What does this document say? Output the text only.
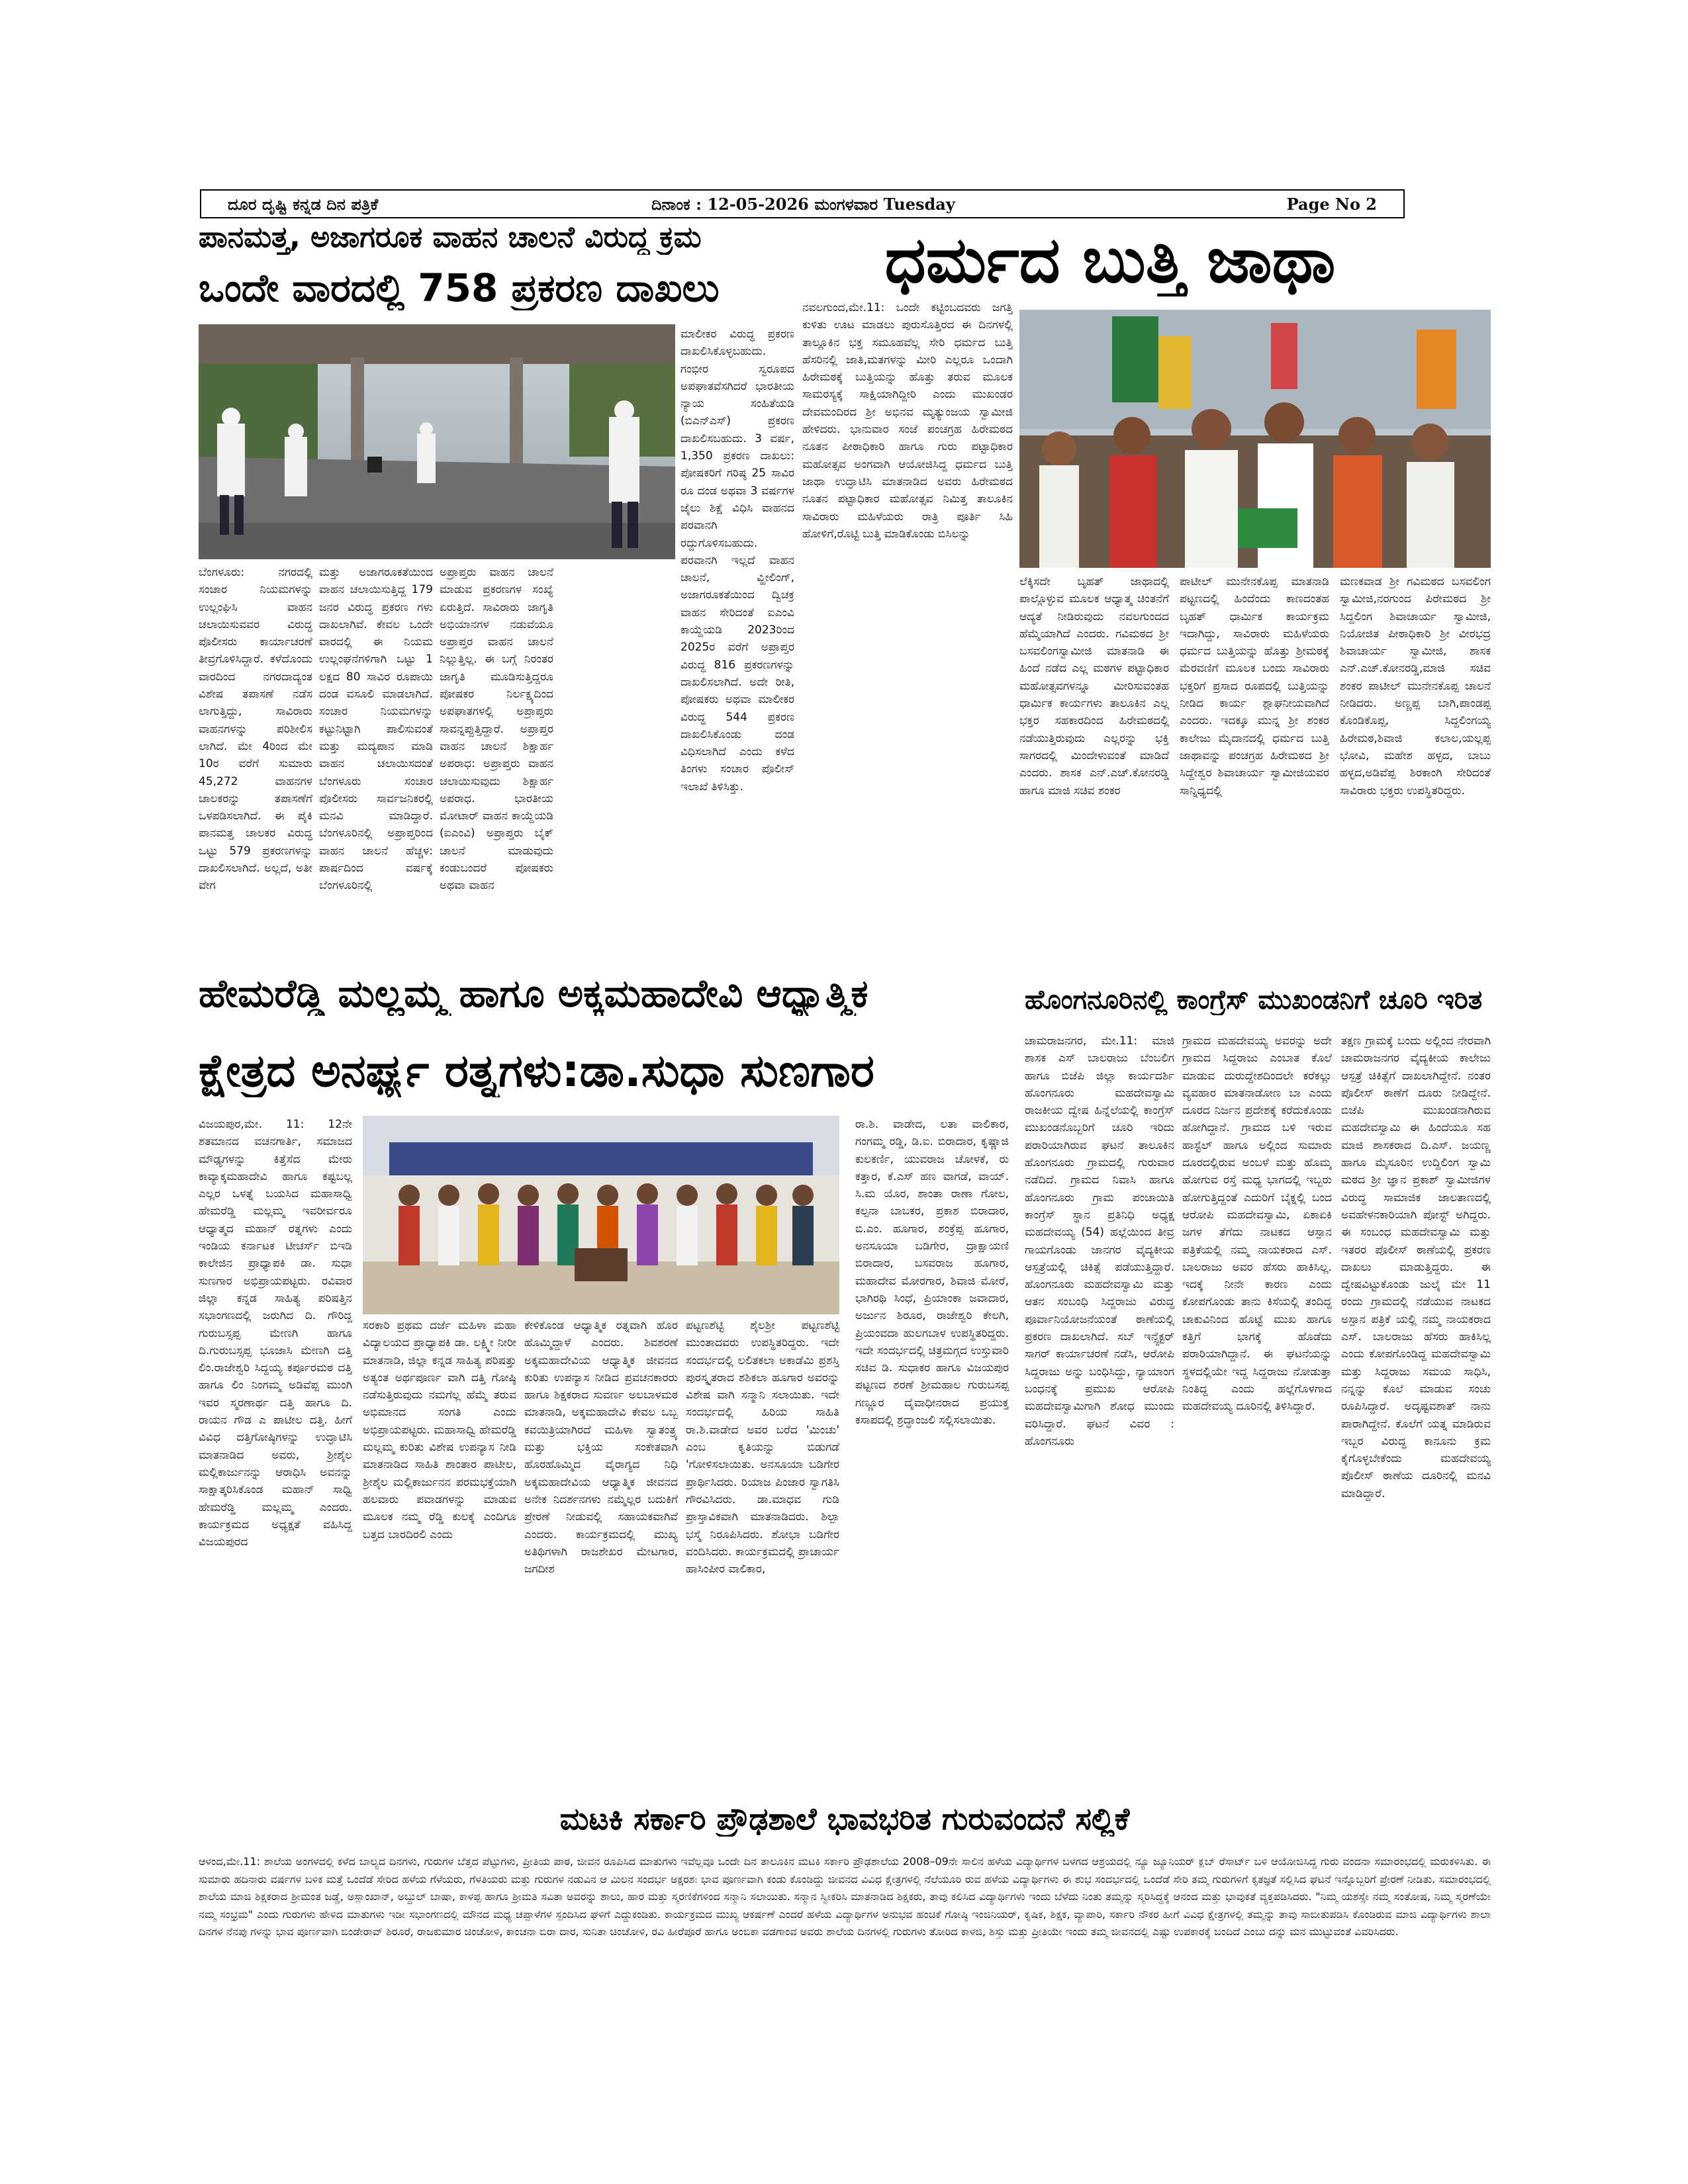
ದೂರ ದೃಷ್ಟಿ ಕನ್ನಡ ದಿನ ಪತ್ರಿಕೆ	ದಿನಾಂಕ : 12-05-2026 ಮಂಗಳವಾರ Tuesday	Page No 2
ಪಾನಮತ್ತ, ಅಜಾಗರೂಕ ವಾಹನ ಚಾಲನೆ ವಿರುದ್ಧ ಕ್ರಮ
ಒಂದೇ ವಾರದಲ್ಲಿ 758 ಪ್ರಕರಣ ದಾಖಲು

ಬೆಂಗಳೂರು: ನಗರದಲ್ಲಿ ಸಂಚಾರ ನಿಯಮಗಳನ್ನು ಉಲ್ಲಂಘಿಸಿ ವಾಹನ ಚಲಾಯಿಸುವವರ ವಿರುದ್ಧ ಪೊಲೀಸರು ಕಾರ್ಯಾಚರಣೆ ತೀವ್ರಗೊಳಿಸಿದ್ದಾರೆ. ಕಳೆದೊಂದು ವಾರದಿಂದ ನಗರದಾದ್ಯಂತ ವಿಶೇಷ ತಪಾಸಣೆ ನಡೆಸ ಲಾಗುತ್ತಿದ್ದು, ಸಾವಿರಾರು ವಾಹನಗಳನ್ನು ಪರಿಶೀಲಿಸ ಲಾಗಿದೆ. ಮೇ 4ರಿಂದ ಮೇ 10ರ ವರೆಗೆ ಸುಮಾರು 45,272 ವಾಹನಗಳ ಚಾಲಕರನ್ನು ತಪಾಸಣೆಗೆ ಒಳಪಡಿಸಲಾಗಿದೆ. ಈ ಪೈಕಿ ಪಾನಮತ್ತ ಚಾಲಕರ ವಿರುದ್ಧ ಒಟ್ಟು 579 ಪ್ರಕರಣಗಳನ್ನು ದಾಖಲಿಸಲಾಗಿದೆ. ಅಲ್ಲದೆ, ಅತೀ ವೇಗ

ಮತ್ತು ಅಜಾಗರೂಕತೆಯಿಂದ ವಾಹನ ಚಲಾಯಿಸುತ್ತಿದ್ದ 179 ಜನರ ವಿರುದ್ಧ ಪ್ರಕರಣ ಗಳು ದಾಖಲಾಗಿವೆ. ಕೇವಲ ಒಂದೇ ವಾರದಲ್ಲಿ ಈ ನಿಯಮ ಉಲ್ಲಂಘನೆಗಳಿಗಾಗಿ ಒಟ್ಟು 1 ಲಕ್ಷದ 80 ಸಾವಿರ ರೂಪಾಯಿ ದಂಡ ವಸೂಲಿ ಮಾಡಲಾಗಿದೆ. ಸಂಚಾರ ನಿಯಮಗಳನ್ನು ಕಟ್ಟುನಿಟ್ಟಾಗಿ ಪಾಲಿಸುವಂತೆ ಮತ್ತು ಮದ್ಯಪಾನ ಮಾಡಿ ವಾಹನ ಚಲಾಯಿಸದಂತೆ ಬೆಂಗಳೂರು ಸಂಚಾರ ಪೊಲೀಸರು ಸಾರ್ವಜನಿಕರಲ್ಲಿ ಮನವಿ ಮಾಡಿದ್ದಾರೆ. ಬೆಂಗಳೂರಿನಲ್ಲಿ ಅಪ್ರಾಪ್ತರಿಂದ ವಾಹನ ಚಾಲನೆ ಹೆಚ್ಚಳ: ಪಾರ್ಷದಿಂದ ವರ್ಷಕ್ಕೆ ಬೆಂಗಳೂರಿನಲ್ಲಿ

ಅಪ್ರಾಪ್ತರು ವಾಹನ ಚಾಲನೆ ಮಾಡುವ ಪ್ರಕರಣಗಳ ಸಂಖ್ಯೆ ಏರುತ್ತಿದೆ. ಸಾವಿರಾರು ಜಾಗೃತಿ ಅಭಿಯಾನಗಳ ನಡುವೆಯೂ ಅಪ್ರಾಪ್ತರ ವಾಹನ ಚಾಲನೆ ನಿಲ್ಲುತ್ತಿಲ್ಲ. ಈ ಬಗ್ಗೆ ನಿರಂತರ ಜಾಗೃತಿ ಮೂಡಿಸುತ್ತಿದ್ದರೂ ಪೋಷಕರ ನಿರ್ಲಕ್ಷ್ಯದಿಂದ ಅಪಘಾತಗಳಲ್ಲಿ ಅಪ್ರಾಪ್ತರು ಸಾವನ್ನಪ್ಪುತ್ತಿದ್ದಾರೆ. ಅಪ್ರಾಪ್ತರ ವಾಹನ ಚಾಲನೆ ಶಿಕ್ಷಾರ್ಹ ಅಪರಾಧ: ಅಪ್ರಾಪ್ತರು ವಾಹನ ಚಲಾಯಿಸುವುದು ಶಿಕ್ಷಾರ್ಹ ಅಪರಾಧ. ಭಾರತೀಯ ಮೋಟಾರ್ ವಾಹನ ಕಾಯ್ದೆಯಡಿ (ಐಎಂವಿ) ಅಪ್ರಾಪ್ತರು ಬೈಕ್ ಚಾಲನೆ ಮಾಡುವುದು ಕಂಡುಬಂದರೆ ಪೋಷಕರು ಅಥವಾ ವಾಹನ

ಮಾಲೀಕರ ವಿರುದ್ಧ ಪ್ರಕರಣ ದಾಖಲಿಸಿಕೊಳ್ಳಬಹುದು. ಗಂಭೀರ ಸ್ವರೂಪದ ಅಪಘಾತವೆಸಗಿದರೆ ಭಾರತೀಯ ನ್ಯಾಯ ಸಂಹಿತೆಯಡಿ (ಬಿಎನ್ಎಸ್) ಪ್ರಕರಣ ದಾಖಲಿಸಬಹುದು. 3 ವರ್ಷ, 1,350 ಪ್ರಕರಣ ದಾಖಲು: ಪೋಷಕರಿಗೆ ಗರಿಷ್ಠ 25 ಸಾವಿರ ರೂ ದಂಡ ಅಥವಾ 3 ವರ್ಷಗಳ ಜೈಲು ಶಿಕ್ಷೆ ವಿಧಿಸಿ ವಾಹನದ ಪರವಾನಗಿ ರದ್ದುಗೊಳಿಸಬಹುದು. ಪರವಾನಗಿ ಇಲ್ಲದೆ ವಾಹನ ಚಾಲನೆ, ವ್ಹೀಲಿಂಗ್, ಅಜಾಗರೂಕತೆಯಿಂದ ದ್ವಿಚಕ್ರ ವಾಹನ ಸೇರಿದಂತೆ ಐಎಂವಿ ಕಾಯ್ದೆಯಡಿ 2023ರಿಂದ 2025ರ ವರೆಗೆ ಅಪ್ರಾಪ್ತರ ವಿರುದ್ಧ 816 ಪ್ರಕರಣಗಳನ್ನು ದಾಖಲಿಸಲಾಗಿದೆ. ಅದೇ ರೀತಿ, ಪೋಷಕರು ಅಥವಾ ಮಾಲೀಕರ ವಿರುದ್ಧ 544 ಪ್ರಕರಣ ದಾಖಲಿಸಿಕೊಂಡು ದಂಡ ವಿಧಿಸಲಾಗಿದೆ ಎಂದು ಕಳೆದ ತಿಂಗಳು ಸಂಚಾರ ಪೊಲೀಸ್ ಇಲಾಖೆ ತಿಳಿಸಿತ್ತು.

ಧರ್ಮದ ಬುತ್ತಿ ಜಾಥಾ

ನವಲಗುಂದ,ಮೇ.11: ಒಂದೇ ಕಟ್ಟಿಂಬದವರು ಜಗತ್ತಿ ಕುಳಿತು ಊಟ ಮಾಡಲು ಪುರುಸೊತ್ತಿರದ ಈ ದಿನಗಳಲ್ಲಿ ತಾಲ್ಲೂಕಿನ ಭಕ್ತ ಸಮೂಹವೆಲ್ಲ ಸೇರಿ ಧರ್ಮದ ಬುತ್ತಿ ಹೆಸರಿನಲ್ಲಿ ಜಾತಿ,ಮತಗಳನ್ನು ಮೀರಿ ಎಲ್ಲರೂ ಒಂದಾಗಿ ಹಿರೇಮಠಕ್ಕೆ ಬುತ್ತಿಯನ್ನು ಹೊತ್ತು ತರುವ ಮೂಲಕ ಸಾಮರಸ್ಯಕ್ಕೆ ಸಾಕ್ಷಿಯಾಗಿದ್ದೀರಿ ಎಂದು ಮುಖಂಡರ ದೇವಮಂದಿರದ ಶ್ರೀ ಅಭಿನವ ಮೃತ್ಯುಂಜಯ ಸ್ವಾಮೀಜಿ ಹೇಳಿದರು. ಭಾನುವಾರ ಸಂಜೆ ಪಂಚಗ್ರಹ ಹಿರೇಮಠದ ನೂತನ ಪೀಠಾಧಿಕಾರಿ ಹಾಗೂ ಗುರು ಪಟ್ಟಾಧಿಕಾರ ಮಹೋತ್ಸವ ಅಂಗವಾಗಿ ಆಯೋಜಿಸಿದ್ದ ಧರ್ಮದ ಬುತ್ತಿ ಜಾಥಾ ಉದ್ಘಾಟಿಸಿ ಮಾತನಾಡಿದ ಅವರು ಹಿರೇಮಠದ ನೂತನ ಪಟ್ಟಾಧಿಕಾರ ಮಹೋತ್ಸವ ನಿಮಿತ್ತ ತಾಲೂಕಿನ ಸಾವಿರಾರು ಮಹಿಳೆಯರು ರಾತ್ರಿ ಪೂರ್ತಿ ಸಿಹಿ ಹೋಳಿಗೆ,ರೊಟ್ಟಿ ಬುತ್ತಿ ಮಾಡಿಕೊಂಡು ಬಿಸಿಲನ್ನು

ಲೆಕ್ಕಿಸದೇ ಬೃಹತ್ ಜಾಥಾದಲ್ಲಿ ಪಾಲ್ಗೊಳ್ಳುವ ಮೂಲಕ ಆಧ್ಯಾತ್ಮ ಚಿಂತನೆಗೆ ಆದ್ಯತೆ ನೀಡಿರುವುದು ನವಲಗುಂದದ ಹೆಮ್ಮೆಯಾಗಿದೆ ಎಂದರು. ಗವಿಮಠದ ಶ್ರೀ ಬಸವಲಿಂಗಸ್ವಾಮೀಜಿ ಮಾತನಾಡಿ ಈ ಹಿಂದೆ ನಡೆದ ಎಲ್ಲ ಮಠಗಳ ಪಟ್ಟಾಧಿಕಾರ ಮಹೋತ್ಸವಗಳನ್ನೂ ಮೀರಿಸುವಂತಹ ಧಾರ್ಮಿಕ ಕಾರ್ಯಗಳು ತಾಲೂಕಿನ ಎಲ್ಲ ಭಕ್ತರ ಸಹಕಾರದಿಂದ ಹಿರೇಮಠದಲ್ಲಿ ನಡೆಯುತ್ತಿರುವುದು ಎಲ್ಲರನ್ನು ಭಕ್ತಿ ಸಾಗರದಲ್ಲಿ ಮಿಂದೇಳುವಂತೆ ಮಾಡಿದೆ ಎಂದರು. ಶಾಸಕ ಎನ್.ಎಚ್.ಕೋನರಡ್ಡಿ ಹಾಗೂ ಮಾಜಿ ಸಚಿವ ಶಂಕರ

ಪಾಟೀಲ್ ಮುನೇನಕೊಪ್ಪ ಮಾತನಾಡಿ ಪಟ್ಟಣದಲ್ಲಿ ಹಿಂದೆಂದು ಕಾಣದಂತಹ ಬೃಹತ್ ಧಾರ್ಮಿಕ ಕಾರ್ಯಕ್ರಮ ಇದಾಗಿದ್ದು, ಸಾವಿರಾರು ಮಹಿಳೆಯರು ಧರ್ಮದ ಬುತ್ತಿಯನ್ನು ಹೊತ್ತು ಶ್ರೀಮಠಕ್ಕೆ ಮೆರವಣಿಗೆ ಮೂಲಕ ಬಂದು ಸಾವಿರಾರು ಭಕ್ತರಿಗೆ ಪ್ರಸಾದ ರೂಪದಲ್ಲಿ ಬುತ್ತಿಯನ್ನು ನೀಡಿದ ಕಾರ್ಯ ಶ್ಲಾಘನೀಯವಾಗಿದೆ ಎಂದರು. ಇದಕ್ಕೂ ಮುನ್ನ ಶ್ರೀ ಶಂಕರ ಕಾಲೇಜು ಮೈದಾನದಲ್ಲಿ ಧರ್ಮದ ಬುತ್ತಿ ಜಾಥಾವನ್ನು ಪಂಚಗ್ರಹ ಹಿರೇಮಠದ ಶ್ರೀ ಸಿದ್ದೇಶ್ವರ ಶಿವಾಚಾರ್ಯ ಸ್ವಾಮೀಜಿಯವರ ಸಾನ್ನಿಧ್ಯದಲ್ಲಿ

ಮಣಕವಾಡ ಶ್ರೀ ಗವಿಮಠದ ಬಸವಲಿಂಗ ಸ್ವಾಮೀಜಿ,ನರಗುಂದ ಪಿರೇಮಠದ ಶ್ರೀ ಸಿದ್ದಲಿಂಗ ಶಿವಾಚಾರ್ಯ ಸ್ವಾಮೀಜಿ, ನಿಯೋಜಿತ ಪೀಠಾಧಿಕಾರಿ ಶ್ರೀ ವೀರಭದ್ರ ಶಿವಾಚಾರ್ಯ ಸ್ವಾಮೀಜಿ, ಶಾಸಕ ಎನ್.ಎಚ್.ಕೋನರಡ್ಡಿ,ಮಾಜಿ ಸಚಿವ ಶಂಕರ ಪಾಟೀಲ್ ಮುನೇನಕೊಪ್ಪ ಚಾಲನೆ ನೀಡಿದರು. ಅಣ್ಣಪ್ಪ ಬಾಗಿ,ಪಾಂಡಪ್ಪ ಕೊಂಡಿಕೊಪ್ಪ, ಸಿದ್ದಲಿಂಗಯ್ಯ ಹಿರೇಮಠ,ಶಿವಾಜಿ ಕಲಾಲ,ಯಲ್ಲಪ್ಪ ಭೋವಿ, ಮಹೇಶ ಹಳ್ಳದ, ಬಾಬು ಹಳ್ಳದ,ಅಡಿವೆಪ್ಪ ಶಿರಕಾಂಗಿ ಸೇರಿದಂತೆ ಸಾವಿರಾರು ಭಕ್ತರು ಉಪಸ್ಥಿತರಿದ್ದರು.

ಹೇಮರೆಡ್ಡಿ ಮಲ್ಲಮ್ಮ ಹಾಗೂ ಅಕ್ಕಮಹಾದೇವಿ ಆಧ್ಯಾತ್ಮಿಕ
ಕ್ಷೇತ್ರದ ಅನರ್ಘ್ಯ ರತ್ನಗಳು:ಡಾ.ಸುಧಾ ಸುಣಗಾರ

ವಿಜಯಪುರ,ಮೇ. 11: 12ನೇ ಶತಮಾನದ ವಚನಗಾರ್ತಿ, ಸಮಾಜದ ಮೌಢ್ಯಗಳನ್ನು ಕಿತ್ತೆಸೆದ ಮೇರು ಕಾವ್ಯಾಕ್ಕಮಹಾದೇವಿ ಹಾಗೂ ಕಷ್ಟಬಲ್ಲ ಎಲ್ಲರ ಒಳತ್ನೆ ಬಯಸಿದ ಮಹಾಸಾಧ್ವಿ ಹೇಮರೆಡ್ಡಿ ಮಲ್ಲಮ್ಮ ಇವರೀರ್ವರೂ ಆಧ್ಯಾತ್ಮದ ಮಹಾನ್ ರತ್ನಗಳು ಎಂದು ಇಂಡಿಯ ಕರ್ನಾಟಕ ಟೀಚರ್ಸ್ ಬಿಇಡಿ ಕಾಲೇಜಿನ ಪ್ರಾಧ್ಯಾಪಕಿ ಡಾ. ಸುಧಾ ಸುಣಗಾರ ಅಭಿಪ್ರಾಯಪಟ್ಟರು. ರವಿವಾರ ಜಿಲ್ಲಾ ಕನ್ನಡ ಸಾಹಿತ್ಯ ಪರಿಷತ್ತಿನ ಸಭಾಂಗಣದಲ್ಲಿ ಜರುಗಿದ ದಿ. ಗೌರಿದ್ದ ಗುರುಬಸ್ಸಪ್ಪ ಮೇಣಗಿ ಹಾಗೂ ದಿ.ಗುರುಬಸ್ಸಪ್ಪ ಭೂಜಾಸಿ ಮೇಣಗಿ ದತ್ತಿ ಲಿಂ.ರಾಜೇಶ್ವರಿ ಸಿದ್ದಯ್ಯ ಕರ್ಪೂರಮಠ ದತ್ತಿ ಹಾಗೂ ಲಿಂ ನಿಂಗಮ್ಮ ಅಡಿವೆಪ್ಪ ಮುಂಗಿ ಇವರ ಸ್ಮರಣಾರ್ಥ ದತ್ತಿ ಹಾಗೂ ದಿ. ರಾಯನ ಗೌಡ ಎ ಪಾಟೀಲ ದತ್ತಿ. ಹೀಗೆ ವಿವಿಧ ದತ್ತಿಗೋಷ್ಠಿಗಳನ್ನು ಉದ್ಘಾಟಿಸಿ ಮಾತನಾಡಿದ ಅವರು, ಶ್ರೀಶೈಲ ಮಲ್ಲಿಕಾರ್ಜುನನ್ನು ಆರಾಧಿಸಿ ಅವನನ್ನು ಸಾಕ್ಷಾತ್ಕರಿಸಿಕೊಂಡ ಮಹಾನ್ ಸಾಧ್ವಿ ಹೇಮರೆಡ್ಡಿ ಮಲ್ಲಮ್ಮ ಎಂದರು. ಕಾರ್ಯಕ್ರಮದ ಅಧ್ಯಕ್ಷತೆ ವಹಿಸಿದ್ದ ವಿಜಯಪುರದ

ಸರಕಾರಿ ಪ್ರಥಮ ದರ್ಜೆ ಮಹಿಳಾ ಮಹಾ ವಿದ್ಯಾಲಯದ ಪ್ರಾಧ್ಯಾಪಕಿ ಡಾ. ಲಕ್ಷ್ಮೀ ನೀರೀ ಮಾತನಾಡಿ, ಜಿಲ್ಲಾ ಕನ್ನಡ ಸಾಹಿತ್ಯ ಪರಿಷತ್ತು ಅತ್ಯಂತ ಅರ್ಥಪೂರ್ಣ ವಾಗಿ ದತ್ತಿ ಗೋಷ್ಠಿ ನಡೆಸುತ್ತಿರುವುದು ನಮಗೆಲ್ಲ ಹೆಮ್ಮೆ ತರುವ ಅಭಿಮಾನದ ಸಂಗತಿ ಎಂದು ಅಭಿಪ್ರಾಯಪಟ್ಟರು. ಮಹಾಸಾಧ್ವಿ ಹೇಮರೆಡ್ಡಿ ಮಲ್ಲಮ್ಮ ಕುರಿತು ವಿಶೇಷ ಉಪನ್ಯಾಸ ನೀಡಿ ಮಾತನಾಡಿದ ಸಾಹಿತಿ ಶಾಂತಾರ ಪಾಟೀಲ, ಶ್ರೀಶೈಲ ಮಲ್ಲಿಕಾರ್ಜುನನ ಪರಮಭಕ್ತೆಯಾಗಿ ಹಲವಾರು ಪವಾಡಗಳನ್ನು ಮಾಡುವ ಮೂಲಕ ನಮ್ಮ ರೆಡ್ಡಿ ಕುಲಕ್ಕೆ ಎಂದಿಗೂ ಬತ್ತದ ಬಾರದಿರಲಿ ಎಂದು

ಕೇಳಿಕೊಂಡ ಆಧ್ಯಾತ್ಮಿಕ ರತ್ನವಾಗಿ ಹೊರ ಹೊಮ್ಮಿದ್ದಾಳೆ ಎಂದರು. ಶಿವಶರಣೆ ಅಕ್ಕಮಹಾದೇವಿಯ ಆಧ್ಯಾತ್ಮಿಕ ಜೀವನದ ಕುರಿತು ಉಪನ್ಯಾಸ ನೀಡಿದ ಪ್ರವಚನಕಾರರು ಹಾಗೂ ಶಿಕ್ಷಕರಾದ ಸುವರ್ಣ ಅಲಬಾಳಮಠ ಮಾತನಾಡಿ, ಅಕ್ಕಮಹಾದೇವಿ ಕೇವಲ ಒಬ್ಬ ಕವಯಿತ್ರಿಯಾಗಿರದೆ ಮಹಿಳಾ ಸ್ವಾತಂತ್ರ್ಯ ಮತ್ತು ಭಕ್ತಿಯ ಸಂಕೇತವಾಗಿ ಹೊರಹೊಮ್ಮಿದ ವೈರಾಗ್ಯದ ನಿಧಿ ಅಕ್ಕಮಹಾದೇವಿಯ ಆಧ್ಯಾತ್ಮಿಕ ಜೀವನದ ಅನೇಕ ನಿದರ್ಶನಗಳು ನಮ್ಮೆಲ್ಲರ ಬದುಕಿಗೆ ಪ್ರೇರಣೆ ನೀಡುವಲ್ಲಿ ಸಹಾಯಕವಾಗಿವೆ ಎಂದರು. ಕಾರ್ಯಕ್ರಮದಲ್ಲಿ ಮುಖ್ಯ ಅತಿಥಿಗಳಾಗಿ ರಾಜಶೇಖರ ಮೇಟಗಾರ, ಜಗದೀಶ

ಪಟ್ಟಣಶೆಟ್ಟಿ ಶೈಲಶ್ರೀ ಪಟ್ಟಣಶೆಟ್ಟಿ ಮುಂತಾದವರು ಉಪಸ್ಥಿತರಿದ್ದರು. ಇದೇ ಸಂದರ್ಭದಲ್ಲಿ ಲಲಿತಕಲಾ ಅಕಾಡೆಮಿ ಪ್ರಶಸ್ತಿ ಪುರಸ್ಕೃತರಾದ ಶಶಿಕಲಾ ಹೂಗಾರ ಅವರನ್ನು ವಿಶೇಷ ವಾಗಿ ಸನ್ಮಾನಿ ಸಲಾಯಿತು. ಇದೇ ಸಂದರ್ಭದಲ್ಲಿ ಹಿರಿಯ ಸಾಹಿತಿ ರಾ.ಶಿ.ವಾಡೇದ ಅವರ ಬರೆದ 'ಮಿಂಚು' ಎಂಬ ಕೃತಿಯನ್ನು ಬಿಡುಗಡೆ 'ಗೋಳಿಸಲಾಯಿತು. ಅನಸೂಯಾ ಬಡಿಗೇರ ಪ್ರಾರ್ಥಿಸಿದರು. ರಿಯಾಜ ಪಿಂಜಾರ ಸ್ವಾಗತಿಸಿ ಗೌರವಿಸಿದರು. ಡಾ.ಮಾಧವ ಗುಡಿ ಪ್ರಾಸ್ತಾವಿಕವಾಗಿ ಮಾತನಾಡಿದರು. ಶಿಲ್ಪಾ ಭಸ್ಮೆ ನಿರೂಪಿಸಿದರು. ಶೋಭಾ ಬಡಿಗೇರ ವಂದಿಸಿದರು. ಕಾರ್ಯಕ್ರಮದಲ್ಲಿ ಪ್ರಾಚಾರ್ಯ ಹಾಸಿಂಪೀರ ವಾಲಿಕಾರ,

ರಾ.ಶಿ. ವಾಡೇದ, ಲತಾ ವಾಲಿಕಾರ, ಗಂಗಮ್ಮ ರಡ್ಡಿ, ಡಿ.ಐ. ಬಿರಾದಾರ, ಕೃಷ್ಣಾಜಿ ಕುಲಕರ್ಣಿ, ಯುವರಾಜ ಚೋಳಕೆ, ರು ಕತ್ತಾರ, ಕೆ.ಎಸ್ ಹಣ ವಾಗಡೆ, ವಾಯ್. ಸಿ.ಮ ಯೊರ, ಶಾಂತಾ ರಾಣಾ ಗೋಲ, ಕಲ್ಪನಾ ಬಾಬಕರ, ಪ್ರಕಾಶ ಬಿರಾದಾರ, ಬಿ.ಎಂ. ಹೂಗಾರ, ಶಂಕ್ರೆಪ್ಪ ಹೂಗಾರ, ಅನಸೂಯಾ ಬಡಿಗೇರ, ದ್ರಾಕ್ಷಾಯಣಿ ಬಿರಾದಾರ, ಬಸವರಾಜ ಹೂಗಾರ, ಮಹಾದೇವ ಮೋರಗಾರ, ಶಿವಾಜಿ ಮೋರೆ, ಭಾಗಿರಥಿ ಸಿಂಧೆ, ಪ್ರಿಯಾಂಕಾ ಜವಾದಾರ, ಅರ್ಜುನ ಶಿರೂರ, ರಾಜೇಶ್ವರಿ ಕೇಲಗಿ, ಪ್ರಿಯಂವದಾ ಹುಲಗಬಾಳ ಉಪಸ್ಥಿತರಿದ್ದರು. ಇದೇ ಸಂದರ್ಭದಲ್ಲಿ ಚಿತ್ರಮಗ್ಗದ ಉಸ್ತುವಾರಿ ಸಚಿವ ಡಿ. ಸುಧಾಕರ ಹಾಗೂ ವಿಜಯಪುರ ಪಟ್ಟಣದ ಶರಣೆ ಶ್ರೀಮಹಾಲ ಗುರುಬಸಪ್ಪ ಗಣ್ಣೂರ ದೈವಾಧೀನರಾದ ಪ್ರಯುಕ್ತ ಕಸಾಪದಲ್ಲಿ ಶ್ರದ್ಧಾಂಜಲಿ ಸಲ್ಲಿಸಲಾಯಿತು.

ಹೊಂಗನೂರಿನಲ್ಲಿ ಕಾಂಗ್ರೆಸ್ ಮುಖಂಡನಿಗೆ ಚೂರಿ ಇರಿತ

ಚಾಮರಾಜನಗರ, ಮೇ.11: ಮಾಜಿ ಶಾಸಕ ಎಸ್ ಬಾಲರಾಜು ಬೆಂಬಲಿಗ ಹಾಗೂ ಬಿಜೆಪಿ ಜಿಲ್ಲಾ ಕಾರ್ಯದರ್ಶಿ ಹೊಂಗನೂರು ಮಹದೇವಸ್ವಾಮಿ ರಾಜಕೀಯ ದ್ವೇಷ ಹಿನ್ನೆಲೆಯಲ್ಲಿ ಕಾಂಗ್ರೆಸ್ ಮುಖಂಡನೊಬ್ಬರಿಗೆ ಚೂರಿ ಇರಿದು ಪರಾರಿಯಾಗಿರುವ ಘಟನೆ ತಾಲೂಕಿನ ಹೊಂಗನೂರು ಗ್ರಾಮದಲ್ಲಿ ಗುರುವಾರ ನಡೆದಿದೆ. ಗ್ರಾಮದ ನಿವಾಸಿ ಹಾಗೂ ಹೊಂಗನೂರು ಗ್ರಾಮ ಪಂಚಾಯಿತಿ ಕಾಂಗ್ರೆಸ್ ಸ್ಥಾನ ಪ್ರತಿನಿಧಿ ಅಧ್ಯಕ್ಷ ಮಹದೇವಯ್ಯ (54) ಹಲ್ಲೆಯಿಂದ ತೀವ್ರ ಗಾಯಗೊಂಡು ಜಾನಗರ ವೈದ್ಯಕೀಯ ಆಸ್ಪತ್ರೆಯಲ್ಲಿ ಚಿಕಿತ್ಸೆ ಪಡೆಯುತ್ತಿದ್ದಾರೆ. ಹೊಂಗನೂರು ಮಹದೇವಸ್ವಾಮಿ ಮತ್ತು ಆತನ ಸಂಬಂಧಿ ಸಿದ್ದರಾಜು ವಿರುದ್ಧ ಪೂರ್ವಾನಿಯೋಜನೆಯಂತೆ ಠಾಣೆಯಲ್ಲಿ ಪ್ರಕರಣ ದಾಖಲಾಗಿದೆ. ಸಬ್ ಇನ್ಸ್ಪೆಕ್ಟರ್ ಸಾಗರ್ ಕಾರ್ಯಾಚರಣೆ ನಡೆಸಿ, ಆರೋಪಿ ಸಿದ್ದರಾಜು ಅನ್ನು ಬಂಧಿಸಿದ್ದು, ನ್ಯಾಯಾಂಗ ಬಂಧನಕ್ಕೆ ಪ್ರಮುಖ ಆರೋಪಿ ಮಹದೇವಸ್ವಾಮಿಗಾಗಿ ಶೋಧ ಮುಂದು ವರಿಸಿದ್ದಾರೆ. ಘಟನೆ ವಿವರ : ಹೊಂಗನೂರು

ಗ್ರಾಮದ ಮಹದೇವಯ್ಯ ಅವರನ್ನು ಅದೇ ಗ್ರಾಮದ ಸಿದ್ದರಾಜು ಎಂಬಾತ ಕೊಲೆ ಮಾಡುವ ದುರುದ್ದೇಶದಿಂದಲೇ ಕರೆಕಲ್ಲು ವ್ಯವಹಾರ ಮಾತನಾಡೋಣ ಬಾ ಎಂದು ದೂರದ ನಿರ್ಜನ ಪ್ರದೇಶಕ್ಕೆ ಕರೆದುಕೊಂಡು ಹೋಗಿದ್ದಾನೆ. ಗ್ರಾಮದ ಬಳಿ ಇರುವ ಹಾಸ್ಟೆಲ್ ಹಾಗೂ ಅಲ್ಲಿಂದ ಸುಮಾರು ದೂರದಲ್ಲಿರುವ ಅಂಬಳೆ ಮತ್ತು ಹೊಮ್ಮ ಹೋಗುವ ರಸ್ತೆ ಮಧ್ಯ ಭಾಗದಲ್ಲಿ ಇಬ್ಬರು ಹೋಗುತ್ತಿದ್ದಂತೆ ಎದುರಿಗೆ ಬೈಕ್ನಲ್ಲಿ ಬಂದ ಆರೋಪಿ ಮಹದೇವಸ್ವಾಮಿ, ಏಕಾಏಕಿ ಜಗಳ ತೆಗೆದು ನಾಟಕದ ಆಸ್ಪಾನ ಪತ್ರಿಕೆಯಲ್ಲಿ ನಮ್ಮ ನಾಯಕರಾದ ಎಸ್. ಬಾಲರಾಜು ಅವರ ಹೆಸರು ಹಾಕಿಸಿಲ್ಲ. ಇದಕ್ಕೆ ನೀನೇ ಕಾರಣ ಎಂದು ಕೋಪಗೊಂಡು ತಾನು ಕಿಸೆಯಲ್ಲಿ ತಂದಿದ್ದ ಚಾಕುವಿನಿಂದ ಹೊಟ್ಟೆ ಮುಖ ಹಾಗೂ ಕತ್ತಿಗೆ ಭಾಗಕ್ಕೆ ಹೊಡೆದು ಪರಾರಿಯಾಗಿದ್ದಾನೆ. ಈ ಘಟನೆಯನ್ನು ಸ್ಥಳದಲ್ಲಿಯೇ ಇದ್ದ ಸಿದ್ದರಾಜು ನೋಡುತ್ತಾ ನಿಂತಿದ್ದ ಎಂದು ಹಲ್ಲೆಗೊಳಗಾದ ಮಹದೇವಯ್ಯ ದೂರಿನಲ್ಲಿ ತಿಳಿಸಿದ್ದಾರೆ.

ತಕ್ಷಣ ಗ್ರಾಮಕ್ಕೆ ಬಂದು ಅಲ್ಲಿಂದ ನೇರವಾಗಿ ಚಾಮರಾಜನಗರ ವೈದ್ಯಕೀಯ ಕಾಲೇಜು ಆಸ್ಪತ್ರೆ ಚಿಕಿತ್ಸೆಗೆ ದಾಖಲಾಗಿದ್ದೇನೆ. ನಂತರ ಪೊಲೀಸ್ ಠಾಣೆಗೆ ದೂರು ನೀಡಿದ್ದೇನೆ. ಬಿಜೆಪಿ ಮುಖಂಡನಾಗಿರುವ ಮಹದೇವಸ್ವಾಮಿ ಈ ಹಿಂದೆಯೂ ಸಹ ಮಾಜಿ ಶಾಸಕರಾದ ದಿ.ಎಸ್. ಜಯಣ್ಣ ಹಾಗೂ ಮೈಸೂರಿನ ಉದ್ದಿಲಿಂಗ ಸ್ವಾಮಿ ಮಠದ ಶ್ರೀ ಜ್ಞಾನ ಪ್ರಕಾಶ್ ಸ್ವಾಮೀಜಿಗಳ ವಿರುದ್ಧ ಸಾಮಾಜಿಕ ಜಾಲತಾಣದಲ್ಲಿ ಅವಹೇಳನಕಾರಿಯಾಗಿ ಪೋಸ್ಟ್ ಅಗಿದ್ದರು. ಈ ಸಂಬಂಧ ಮಹದೇವಸ್ವಾಮಿ ಮತ್ತು ಇತರರ ಪೊಲೀಸ್ ಠಾಣೆಯಲ್ಲಿ ಪ್ರಕರಣ ದಾಖಲು ಮಾಡುತ್ತಿದ್ದರು. ಈ ದ್ವೇಷವಿಟ್ಟುಕೊಂಡು ಜುಲೈ ಮೇ 11 ರಂದು ಗ್ರಾಮದಲ್ಲಿ ನಡೆಯುವ ನಾಟಕದ ಅಸ್ಪಾನ ಪತ್ರಿಕೆ ಯಲ್ಲಿ ನಮ್ಮ ನಾಯಕರಾದ ಎಸ್. ಬಾಲರಾಜು ಹೆಸರು ಹಾಕಿಸಿಲ್ಲ ಎಂದು ಕೋಪಗೊಂಡಿದ್ದ ಮಹದೇವಸ್ವಾಮಿ ಮತ್ತು ಸಿದ್ದರಾಜು ಸಮಯ ಸಾಧಿಸಿ, ನನ್ನನ್ನು ಕೊಲೆ ಮಾಡುವ ಸಂಚು ರೂಪಿಸಿದ್ದಾರೆ. ಅದೃಷ್ಟವಶಾತ್ ನಾನು ಪಾರಾಗಿದ್ದೇನೆ. ಕೊಲೆಗೆ ಯತ್ನ ಮಾಡಿರುವ ಇಬ್ಬರ ವಿರುದ್ಧ ಕಾನೂನು ಕ್ರಮ ಕೈಗೊಳ್ಳಬೇಕೆಂದು ಮಹದೇವಯ್ಯ ಪೊಲೀಸ್ ಠಾಣೆಯ ದೂರಿನಲ್ಲಿ ಮನವಿ ಮಾಡಿದ್ದಾರೆ.

ಮಟಕಿ ಸರ್ಕಾರಿ ಪ್ರೌಢಶಾಲೆ ಭಾವಭರಿತ ಗುರುವಂದನೆ ಸಲ್ಲಿಕೆ

ಆಳಂದ,ಮೇ.11: ಶಾಲೆಯ ಅಂಗಳದಲ್ಲಿ ಕಳೆದ ಬಾಲ್ಯದ ದಿನಗಳು, ಗುರುಗಳ ಬೆತ್ತದ ಪೆಟ್ಟುಗಳು, ಪ್ರೀತಿಯ ಪಾಠ, ಜೀವನ ರೂಪಿಸಿದ ಮಾತುಗಳು ಇವೆಲ್ಲವೂ ಒಂದೇ ದಿನ ತಾಲೂಕಿನ ಮಟಕಿ ಸರ್ಕಾರಿ ಪ್ರೌಢಶಾಲೆಯ 2008–09ನೇ ಸಾಲಿನ ಹಳೆಯ ವಿದ್ಯಾರ್ಥಿಗಳ ಬಳಗದ ಆಶ್ರಯದಲ್ಲಿ ನ್ಯೂ ಜ್ಯೂನಿಯರ್ ಕ್ಲಬ್ ರೆಸಾರ್ಟ್ ಬಳಿ ಆಯೋಜಿಸಿದ್ದ ಗುರು ವಂದನಾ ಸಮಾರಂಭದಲ್ಲಿ ಮರುಕಳಿಸಿತು. ಈ ಸುಮಾರು ಹದಿನಾರು ವರ್ಷಗಳ ಬಳಿಕ ಮತ್ತೆ ಒಂದೆಡೆ ಸೇರಿದ ಹಳೆಯ ಗೆಳೆಯರು, ಗೆಳತಿಯರು ಮತ್ತು ಗುರುಗಳ ನಡುವಿನ ಆ ಮಿಲನ ಸಂದರ್ಭ ಅಕ್ಷರಶಃ ಭಾವ ಪೂರ್ಣವಾಗಿ ಕಂಡು ಕೊಂಡಿದ್ದು ಜೀವನದ ವಿವಿಧ ಕ್ಷೇತ್ರಗಳಲ್ಲಿ ನೆಲೆಯೂರಿ ರುವ ಹಳೆಯ ವಿದ್ಯಾರ್ಥಿಗಳು ಈ ಶುಭ ಸಂದರ್ಭದಲ್ಲಿ ಒಂದೆಡೆ ಸೇರಿ ತಮ್ಮ ಗುರುಗಳಿಗೆ ಕೃತಜ್ಞತೆ ಸಲ್ಲಿಸಿದ ಘಟನೆ ಇನ್ನೊಬ್ಬರಿಗೆ ಪ್ರೇರಣೆ ನೀಡಿತು. ಸಮಾರಂಭದಲ್ಲಿ ಶಾಲೆಯ ಮಾಜಿ ಶಿಕ್ಷಕರಾದ ಶ್ರೀಮಂತ ಜಡ್ಡೆ, ಅಸ್ಲಾಂಖಾನ್, ಅಬ್ದುಲ್ ಬಾಷಾ, ಕಾಳಪ್ಪ ಹಾಗೂ ಶ್ರೀಮತಿ ಸವಿತಾ ಅವರನ್ನು ಶಾಲು, ಹಾರ ಮತ್ತು ಸ್ಮರಣಿಕೆಗಳಿಂದ ಸನ್ಮಾನಿ ಸಲಾಯಿತು. ಸನ್ಮಾನ ಸ್ವೀಕರಿಸಿ ಮಾತನಾಡಿದ ಶಿಕ್ಷಕರು, ತಾವು ಕಲಿಸಿದ ವಿದ್ಯಾರ್ಥಿಗಳು ಇಂದು ಬೆಳೆದು ನಿಂತು ತಮ್ಮನ್ನು ಸ್ಮರಿಸಿದ್ದಕ್ಕೆ ಆನಂದ ಮತ್ತು ಭಾವುಕತೆ ವ್ಯಕ್ತಪಡಿಸಿದರು. "ನಿಮ್ಮ ಯಶಸ್ಸೇ ನಮ್ಮ ಸಂತೋಷ, ನಿಮ್ಮ ಸ್ಮರಣೆಯೇ ನಮ್ಮ ಸಂಭ್ರಮ" ಎಂದು ಗುರುಗಳು ಹೇಳಿದ ಮಾತುಗಳು ಇಡೀ ಸಭಾಂಗಣದಲ್ಲಿ ಮೌನದ ಮಧ್ಯ ಚಪ್ಪಾಳೆಗಳ ಸ್ಪಂದಿಸಿದ ಘಳಿಗೆ ಎದ್ದುಕಂಡಿತು. ಕಾರ್ಯಕ್ರಮದ ಮುಖ್ಯ ಆಕರ್ಷಣೆ ಎಂದರೆ ಹಳೆಯ ವಿದ್ಯಾರ್ಥಿಗಳ ಅನುಭವ ಹಂಚಿಕೆ ಗೋಷ್ಠಿ ಇಂಜಿನಿಯರ್, ಕೃಷಿಕ, ಶಿಕ್ಷಕ, ವ್ಯಾಪಾರಿ, ಸರ್ಕಾರಿ ನೌಕರ ಹೀಗೆ ವಿವಿಧ ಕ್ಷೇತ್ರಗಳಲ್ಲಿ ತಮ್ಮನ್ನು ತಾವು ಸಾಬೀತುಪಡಿಸಿ ಕೊಂಡಿರುವ ಮಾಜಿ ವಿದ್ಯಾರ್ಥಿಗಳು ಶಾಲಾ ದಿನಗಳ ನೆನಪು ಗಳನ್ನು ಭಾವ ಪೂರ್ಣವಾಗಿ ಬಿಂಡೇರಾವ್ ಶಿರೂರೆ, ರಾಜಕುಮಾರ ಚಿಂಚೋಳಿ, ಕಾಂಚನಾ ಬಿರಾ ದಾರ, ಸುನಿತಾ ಚಿಂಚೋಳಿ, ರವಿ ಹೀರೆಪೂರೆ ಹಾಗೂ ಅಂಬಿಕಾ ವಡಗಾಂವ ಅವರು ಶಾಲೆಯ ದಿನಗಳಲ್ಲಿ ಗುರುಗಳು ತೋರಿದ ಕಾಳಜಿ, ಶಿಸ್ತು ಮತ್ತು ಪ್ರೀತಿಯೇ ಇಂದು ತಮ್ಮ ಜೀವನದಲ್ಲಿ ಎಷ್ಟು ಉಪಕಾರಕ್ಕೆ ಬಂದಿದೆ ಎಂಬು ದನ್ನು ಮನ ಮುಟ್ಟುವಂತೆ ವಿವರಿಸಿದರು.
